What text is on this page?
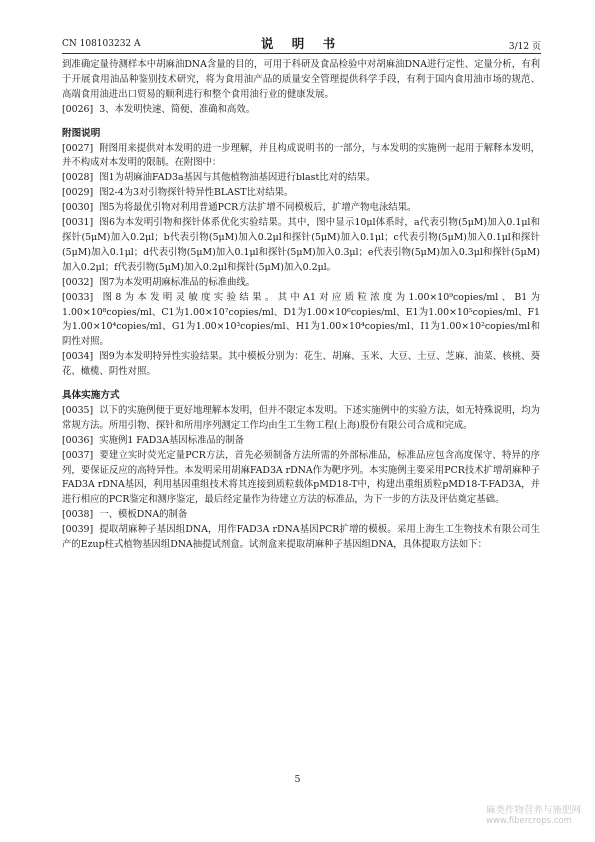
CN 108103232 A	说 明 书	3/12 页

到准确定量待测样本中胡麻油DNA含量的目的，可用于科研及食品检验中对胡麻油DNA进行定性、定量分析，有利于开展食用油品种鉴别技术研究，将为食用油产品的质量安全管理提供科学手段，有利于国内食用油市场的规范、高端食用油进出口贸易的顺利进行和整个食用油行业的健康发展。

[0026] 3、本发明快速、简便、准确和高效。

附图说明

[0027] 附图用来提供对本发明的进一步理解，并且构成说明书的一部分，与本发明的实施例一起用于解释本发明，并不构成对本发明的限制。在附图中：

[0028] 图1为胡麻油FAD3a基因与其他植物油基因进行blast比对的结果。

[0029] 图2-4为3对引物探针特异性BLAST比对结果。

[0030] 图5为将最优引物对利用普通PCR方法扩增不同模板后，扩增产物电泳结果。

[0031] 图6为本发明引物和探针体系优化实验结果。其中，图中显示10μl体系时，a代表引物(5μM)加入0.1μl和探针(5μM)加入0.2μl；b代表引物(5μM)加入0.2μl和探针(5μM)加入0.1μl；c代表引物(5μM)加入0.1μl和探针(5μM)加入0.1μl；d代表引物(5μM)加入0.1μl和探针(5μM)加入0.3μl；e代表引物(5μM)加入0.3μl和探针(5μM)加入0.2μl；f代表引物(5μM)加入0.2μl和探针(5μM)加入0.2μl。

[0032] 图7为本发明胡麻标准品的标准曲线。

[0033] 图8为本发明灵敏度实验结果。其中A1对应质粒浓度为1.00×10⁹copies/ml、B1为1.00×10⁸copies/ml、C1为1.00×10⁷copies/ml、D1为1.00×10⁶copies/ml、E1为1.00×10⁵copies/ml、F1为1.00×10⁴copies/ml、G1为1.00×10³copies/ml、H1为1.00×10⁴copies/ml、I1为1.00×10²copies/ml和阴性对照。

[0034] 图9为本发明特异性实验结果。其中模板分别为：花生、胡麻、玉米、大豆、土豆、芝麻、油菜、核桃、葵花、橄榄、阴性对照。

具体实施方式

[0035] 以下的实施例便于更好地理解本发明，但并不限定本发明。下述实施例中的实验方法，如无特殊说明，均为常规方法。所用引物、探针和所用序列测定工作均由生工生物工程(上海)股份有限公司合成和完成。

[0036] 实施例1 FAD3A基因标准品的制备

[0037] 要建立实时荧光定量PCR方法，首先必须制备方法所需的外部标准品，标准品应包含高度保守、特异的序列，要保证反应的高特异性。本发明采用胡麻FAD3A rDNA作为靶序列。本实施例主要采用PCR技术扩增胡麻种子FAD3A rDNA基因，利用基因重组技术将其连接到质粒载体pMD18-T中，构建出重组质粒pMD18-T-FAD3A，并进行相应的PCR鉴定和测序鉴定，最后经定量作为待建立方法的标准品，为下一步的方法及评估奠定基础。

[0038] 一、模板DNA的制备

[0039] 提取胡麻种子基因组DNA，用作FAD3A rDNA基因PCR扩增的模板。采用上海生工生物技术有限公司生产的Ezup柱式植物基因组DNA抽提试剂盒。试剂盒来提取胡麻种子基因组DNA，具体提取方法如下：

5
麻类作物营养与施肥网
www.fibercrops.com
